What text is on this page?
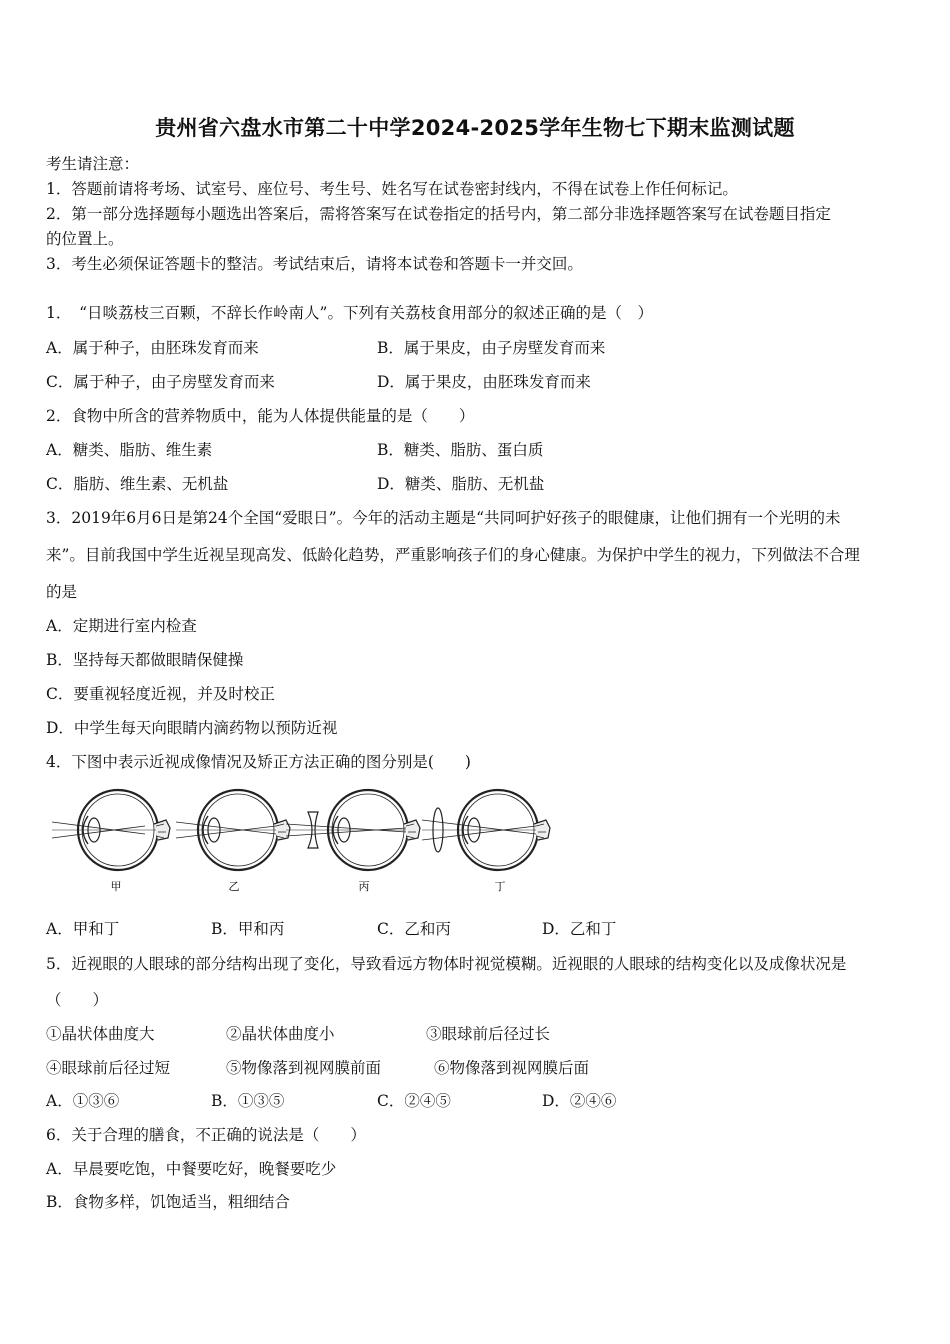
贵州省六盘水市第二十中学2024-2025学年生物七下期末监测试题
考生请注意：
1．答题前请将考场、试室号、座位号、考生号、姓名写在试卷密封线内，不得在试卷上作任何标记。
2．第一部分选择题每小题选出答案后，需将答案写在试卷指定的括号内，第二部分非选择题答案写在试卷题目指定
的位置上。
3．考生必须保证答题卡的整洁。考试结束后，请将本试卷和答题卡一并交回。
1．　“日啖荔枝三百颗，不辞长作岭南人”。下列有关荔枝食用部分的叙述正确的是（　）
A．属于种子，由胚珠发育而来	B．属于果皮，由子房壁发育而来
C．属于种子，由子房壁发育而来	D．属于果皮，由胚珠发育而来
2．食物中所含的营养物质中，能为人体提供能量的是（　　）
A．糖类、脂肪、维生素	B．糖类、脂肪、蛋白质
C．脂肪、维生素、无机盐	D．糖类、脂肪、无机盐
3．2019年6月6日是第24个全国“爱眼日”。今年的活动主题是“共同呵护好孩子的眼健康，让他们拥有一个光明的未
来”。目前我国中学生近视呈现高发、低龄化趋势，严重影响孩子们的身心健康。为保护中学生的视力，下列做法不合理
的是
A．定期进行室内检查
B．坚持每天都做眼睛保健操
C．要重视轻度近视，并及时校正
D．中学生每天向眼睛内滴药物以预防近视
4．下图中表示近视成像情况及矫正方法正确的图分别是(　　)
甲	乙	丙	丁
A．甲和丁	B．甲和丙	C．乙和丙	D．乙和丁
5．近视眼的人眼球的部分结构出现了变化，导致看远方物体时视觉模糊。近视眼的人眼球的结构变化以及成像状况是
（　　）
①晶状体曲度大	②晶状体曲度小	③眼球前后径过长
④眼球前后径过短	⑤物像落到视网膜前面	⑥物像落到视网膜后面
A．①③⑥	B．①③⑤	C．②④⑤	D．②④⑥
6．关于合理的膳食，不正确的说法是（　　）
A．早晨要吃饱，中餐要吃好，晚餐要吃少
B．食物多样，饥饱适当，粗细结合
